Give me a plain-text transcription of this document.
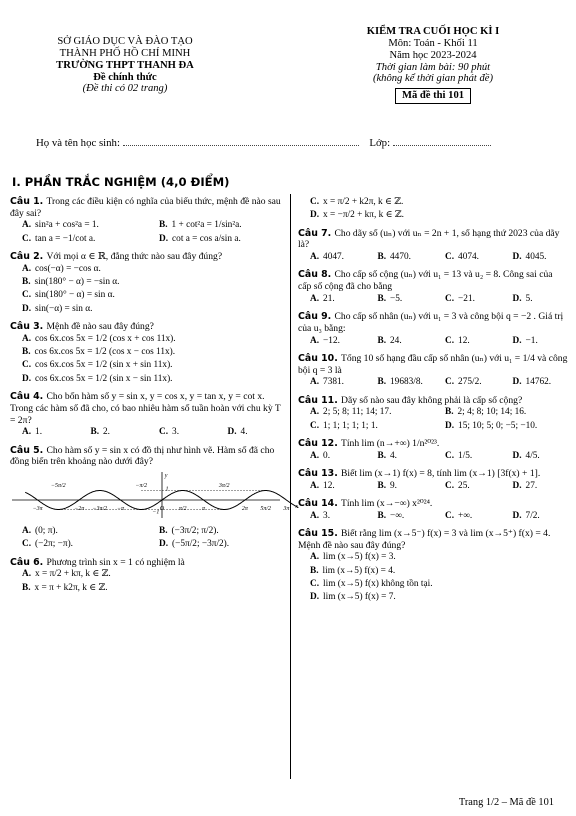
SỞ GIÁO DỤC VÀ ĐÀO TẠO
THÀNH PHỐ HỒ CHÍ MINH
TRƯỜNG THPT THANH ĐA
Đề chính thức
(Đề thi có 02 trang)
KIỂM TRA CUỐI HỌC KÌ I
Môn: Toán - Khối 11
Năm học 2023-2024
Thời gian làm bài: 90 phút
(không kể thời gian phát đề)
Mã đề thi 101
Họ và tên học sinh:	Lớp:
I. PHẦN TRẮC NGHIỆM (4,0 ĐIỂM)
Câu 1. Trong các điều kiện có nghĩa của biểu thức, mệnh đề nào sau đây sai?
A. sin²a + cos²a = 1.	B. 1 + cot²a = 1/sin²a.
C. tan a = −1/cot a.	D. cot a = cos a/sin a.
Câu 2. Với mọi α ∈ ℝ, đẳng thức nào sau đây đúng?
A. cos(−α) = −cos α.
B. sin(180° − α) = −sin α.
C. sin(180° − α) = sin α.
D. sin(−α) = sin α.
Câu 3. Mệnh đề nào sau đây đúng?
A. cos 6x.cos 5x = 1/2 (cos x + cos 11x).
B. cos 6x.cos 5x = 1/2 (cos x − cos 11x).
C. cos 6x.cos 5x = 1/2 (sin x + sin 11x).
D. cos 6x.cos 5x = 1/2 (sin x − sin 11x).
Câu 4. Cho bốn hàm số y = sin x, y = cos x, y = tan x, y = cot x. Trong các hàm số đã cho, có bao nhiêu hàm số tuần hoàn với chu kỳ T = 2π?
A. 1.	B. 2.	C. 3.	D. 4.
Câu 5. Cho hàm số y = sin x có đồ thị như hình vẽ. Hàm số đã cho đồng biến trên khoảng nào dưới đây?
−5π/2	−π/2	3π/2
−3π	−2π −3π/2 −π	O π/2	π	2π 5π/2 3π
1
−1
y
x
A. (0; π).	B. (−3π/2; π/2).
C. (−2π; −π).	D. (−5π/2; −3π/2).
Câu 6. Phương trình sin x = 1 có nghiệm là
A. x = π/2 + kπ, k ∈ ℤ.
B. x = π + k2π, k ∈ ℤ.
C. x = π/2 + k2π, k ∈ ℤ.
D. x = −π/2 + kπ, k ∈ ℤ.
Câu 7. Cho dãy số (uₙ) với uₙ = 2n + 1, số hạng thứ 2023 của dãy là?
A. 4047.	B. 4470.	C. 4074.	D. 4045.
Câu 8. Cho cấp số cộng (uₙ) với u₁ = 13 và u₂ = 8. Công sai của cấp số cộng đã cho bằng
A. 21.	B. −5.	C. −21.	D. 5.
Câu 9. Cho cấp số nhân (uₙ) với u₁ = 3 và công bội q = −2 . Giá trị của u₃ bằng:
A. −12.	B. 24.	C. 12.	D. −1.
Câu 10. Tổng 10 số hạng đầu cấp số nhân (uₙ) với u₁ = 1/4 và công bội q = 3 là
A. 7381.	B. 19683/8.	C. 275/2.	D. 14762.
Câu 11. Dãy số nào sau đây không phải là cấp số cộng?
A. 2; 5; 8; 11; 14; 17.	B. 2; 4; 8; 10; 14; 16.
C. 1; 1; 1; 1; 1; 1.	D. 15; 10; 5; 0; −5; −10.
Câu 12. Tính lim (n→+∞) 1/n²⁰²³.
A. 0.	B. 4.	C. 1/5.	D. 4/5.
Câu 13. Biết lim (x→1) f(x) = 8, tính lim (x→1) [3f(x) + 1].
A. 12.	B. 9.	C. 25.	D. 27.
Câu 14. Tính lim (x→−∞) x²⁰²⁴.
A. 3.	B. −∞.	C. +∞.	D. 7/2.
Câu 15. Biết rằng lim (x→5⁻) f(x) = 3 và lim (x→5⁺) f(x) = 4. Mệnh đề nào sau đây đúng?
A. lim (x→5) f(x) = 3.
B. lim (x→5) f(x) = 4.
C. lim (x→5) f(x) không tồn tại.
D. lim (x→5) f(x) = 7.
Trang 1/2 – Mã đề 101
